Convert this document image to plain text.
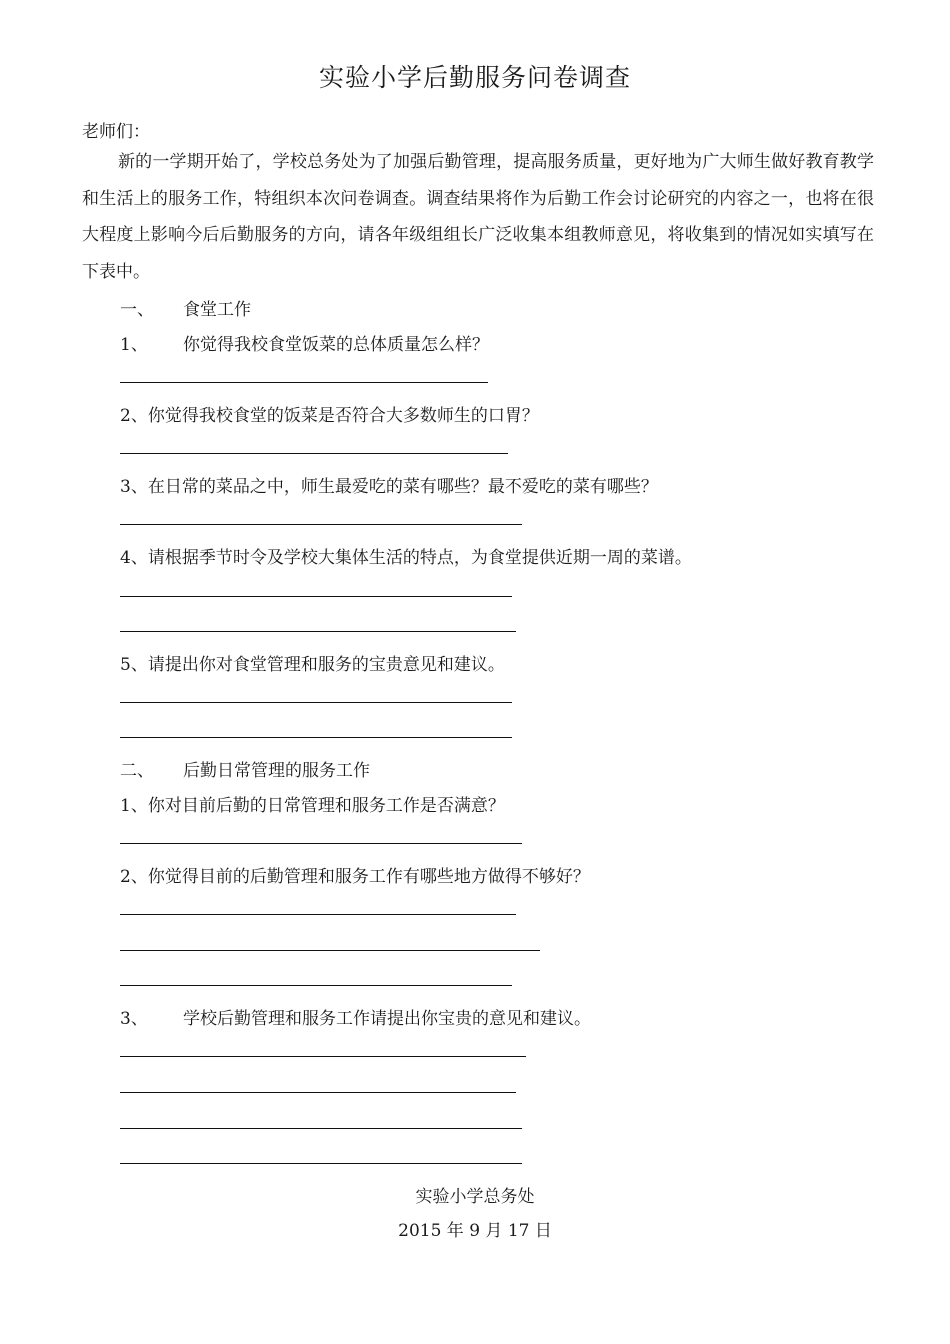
实验小学后勤服务问卷调查
老师们：

新的一学期开始了，学校总务处为了加强后勤管理，提高服务质量，更好地为广大师生做好教育教学和生活上的服务工作，特组织本次问卷调查。调查结果将作为后勤工作会讨论研究的内容之一，也将在很大程度上影响今后后勤服务的方向，请各年级组组长广泛收集本组教师意见，将收集到的情况如实填写在下表中。

一、 食堂工作
1、 你觉得我校食堂饭菜的总体质量怎么样？
2、你觉得我校食堂的饭菜是否符合大多数师生的口胃？
3、在日常的菜品之中，师生最爱吃的菜有哪些？最不爱吃的菜有哪些？
4、请根据季节时令及学校大集体生活的特点，为食堂提供近期一周的菜谱。
5、请提出你对食堂管理和服务的宝贵意见和建议。
二、 后勤日常管理的服务工作
1、你对目前后勤的日常管理和服务工作是否满意？
2、你觉得目前的后勤管理和服务工作有哪些地方做得不够好？
3、 学校后勤管理和服务工作请提出你宝贵的意见和建议。
实验小学总务处
2015 年 9 月 17 日
